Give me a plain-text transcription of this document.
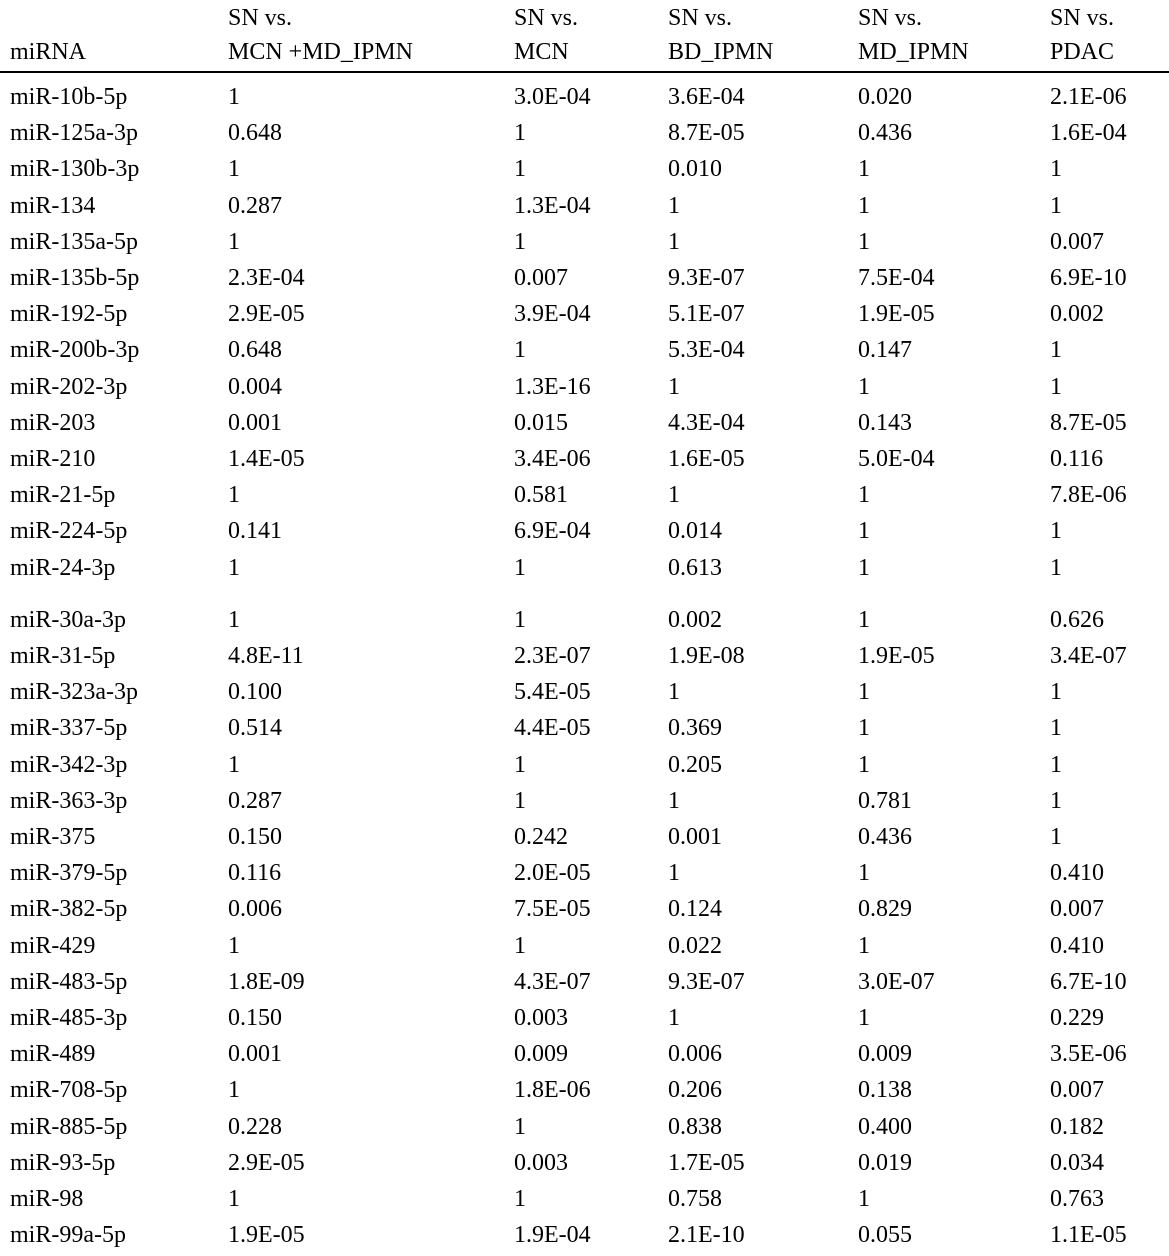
miRNA
SN vs.
MCN +MD_IPMN
SN vs.
MCN
SN vs.
BD_IPMN
SN vs.
MD_IPMN
SN vs.
PDAC
miR-10b-5p	1	3.0E-04	3.6E-04	0.020	2.1E-06
miR-125a-3p	0.648	1	8.7E-05	0.436	1.6E-04
miR-130b-3p	1	1	0.010	1	1
miR-134	0.287	1.3E-04	1	1	1
miR-135a-5p	1	1	1	1	0.007
miR-135b-5p	2.3E-04	0.007	9.3E-07	7.5E-04	6.9E-10
miR-192-5p	2.9E-05	3.9E-04	5.1E-07	1.9E-05	0.002
miR-200b-3p	0.648	1	5.3E-04	0.147	1
miR-202-3p	0.004	1.3E-16	1	1	1
miR-203	0.001	0.015	4.3E-04	0.143	8.7E-05
miR-210	1.4E-05	3.4E-06	1.6E-05	5.0E-04	0.116
miR-21-5p	1	0.581	1	1	7.8E-06
miR-224-5p	0.141	6.9E-04	0.014	1	1
miR-24-3p	1	1	0.613	1	1
miR-30a-3p	1	1	0.002	1	0.626
miR-31-5p	4.8E-11	2.3E-07	1.9E-08	1.9E-05	3.4E-07
miR-323a-3p	0.100	5.4E-05	1	1	1
miR-337-5p	0.514	4.4E-05	0.369	1	1
miR-342-3p	1	1	0.205	1	1
miR-363-3p	0.287	1	1	0.781	1
miR-375	0.150	0.242	0.001	0.436	1
miR-379-5p	0.116	2.0E-05	1	1	0.410
miR-382-5p	0.006	7.5E-05	0.124	0.829	0.007
miR-429	1	1	0.022	1	0.410
miR-483-5p	1.8E-09	4.3E-07	9.3E-07	3.0E-07	6.7E-10
miR-485-3p	0.150	0.003	1	1	0.229
miR-489	0.001	0.009	0.006	0.009	3.5E-06
miR-708-5p	1	1.8E-06	0.206	0.138	0.007
miR-885-5p	0.228	1	0.838	0.400	0.182
miR-93-5p	2.9E-05	0.003	1.7E-05	0.019	0.034
miR-98	1	1	0.758	1	0.763
miR-99a-5p	1.9E-05	1.9E-04	2.1E-10	0.055	1.1E-05
